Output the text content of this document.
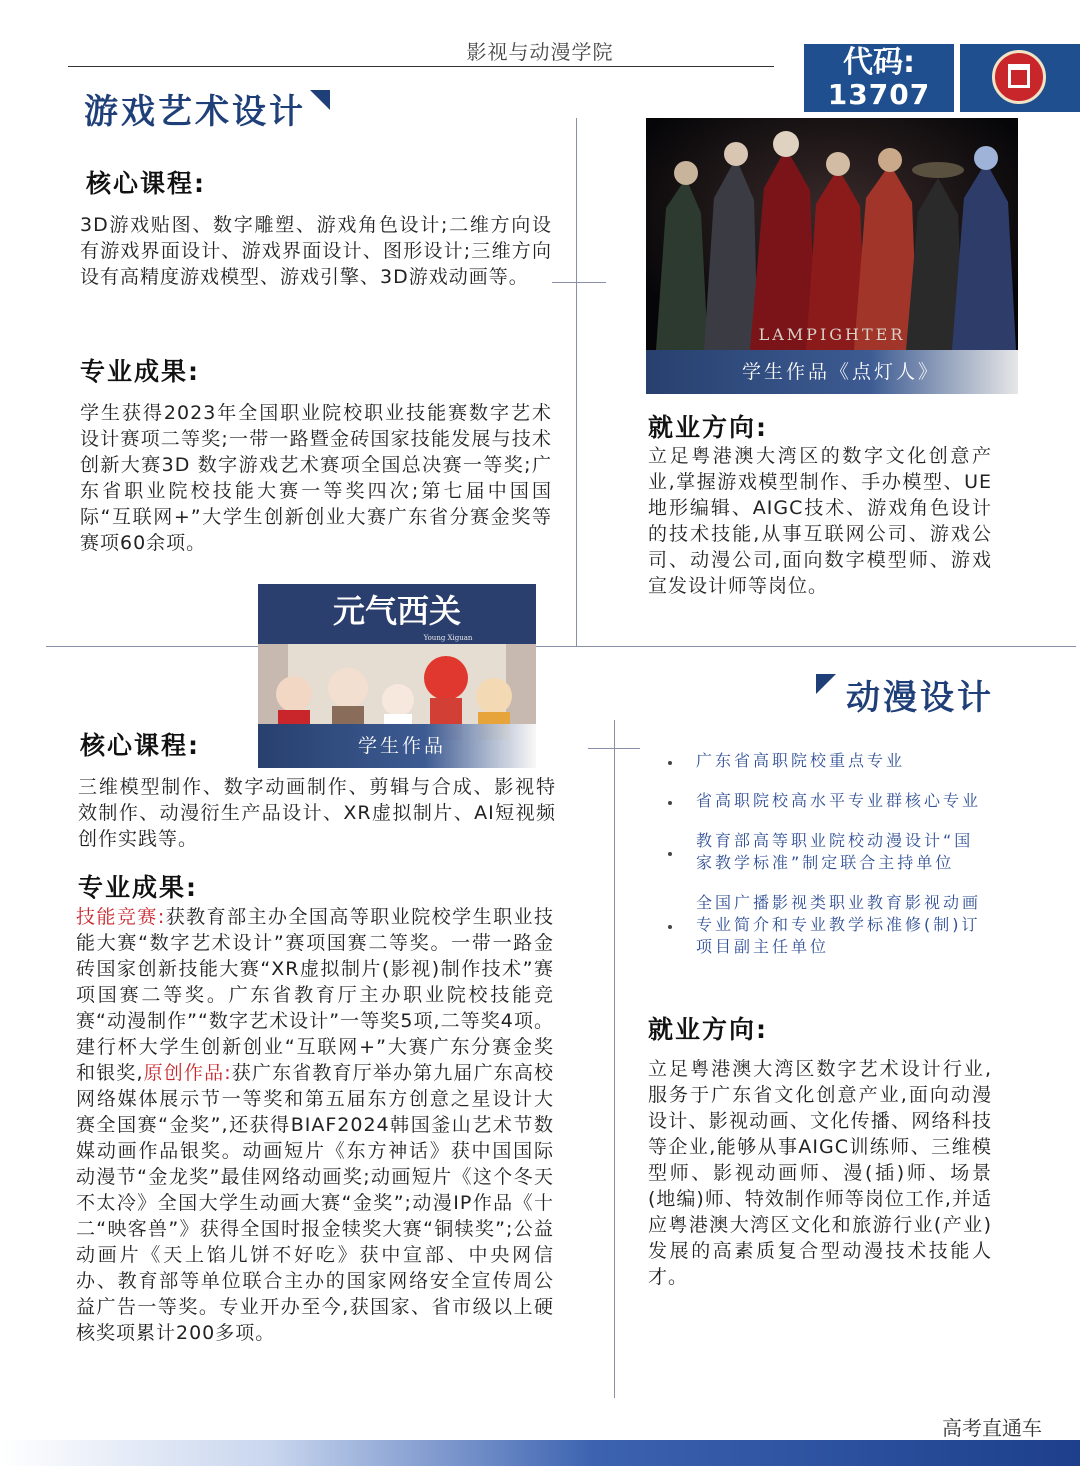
影视与动漫学院	代码:
13707
游戏艺术设计
核心课程:
3D游戏贴图、数字雕塑、游戏角色设计;二维方向设有游戏界面设计、游戏界面设计、图形设计;三维方向设有高精度游戏模型、游戏引擎、3D游戏动画等。
专业成果:
学生获得2023年全国职业院校职业技能赛数字艺术设计赛项二等奖;一带一路暨金砖国家技能发展与技术创新大赛3D 数字游戏艺术赛项全国总决赛一等奖;广东省职业院校技能大赛一等奖四次;第七届中国国际“互联网+”大学生创新创业大赛广东省分赛金奖等赛项60余项。
LAMPIGHTER
学生作品《点灯人》
就业方向:
立足粤港澳大湾区的数字文化创意产业,掌握游戏模型制作、手办模型、UE地形编辑、AIGC技术、游戏角色设计的技术技能,从事互联网公司、游戏公司、动漫公司,面向数字模型师、游戏宣发设计师等岗位。
元气西关
Young Xiguan
学生作品
动漫设计
核心课程:
三维模型制作、数字动画制作、剪辑与合成、影视特效制作、动漫衍生产品设计、XR虚拟制片、AI短视频创作实践等。
专业成果:
技能竞赛:获教育部主办全国高等职业院校学生职业技能大赛“数字艺术设计”赛项国赛二等奖。一带一路金砖国家创新技能大赛“XR虚拟制片(影视)制作技术”赛项国赛二等奖。广东省教育厅主办职业院校技能竞赛“动漫制作”“数字艺术设计”一等奖5项,二等奖4项。建行杯大学生创新创业“互联网+”大赛广东分赛金奖和银奖,原创作品:获广东省教育厅举办第九届广东高校网络媒体展示节一等奖和第五届东方创意之星设计大赛全国赛“金奖”,还获得BIAF2024韩国釜山艺术节数媒动画作品银奖。动画短片《东方神话》获中国国际动漫节“金龙奖”最佳网络动画奖;动画短片《这个冬天不太冷》全国大学生动画大赛“金奖”;动漫IP作品《十二“映客兽”》获得全国时报金犊奖大赛“铜犊奖”;公益动画片《天上馅儿饼不好吃》获中宣部、中央网信办、教育部等单位联合主办的国家网络安全宣传周公益广告一等奖。专业开办至今,获国家、省市级以上硬核奖项累计200多项。
广东省高职院校重点专业
省高职院校高水平专业群核心专业
教育部高等职业院校动漫设计“国家教学标准”制定联合主持单位
全国广播影视类职业教育影视动画专业简介和专业教学标准修(制)订项目副主任单位
就业方向:
立足粤港澳大湾区数字艺术设计行业,服务于广东省文化创意产业,面向动漫设计、影视动画、文化传播、网络科技等企业,能够从事AIGC训练师、三维模型师、影视动画师、漫(插)师、场景(地编)师、特效制作师等岗位工作,并适应粤港澳大湾区文化和旅游行业(产业)发展的高素质复合型动漫技术技能人才。
高考直通车
